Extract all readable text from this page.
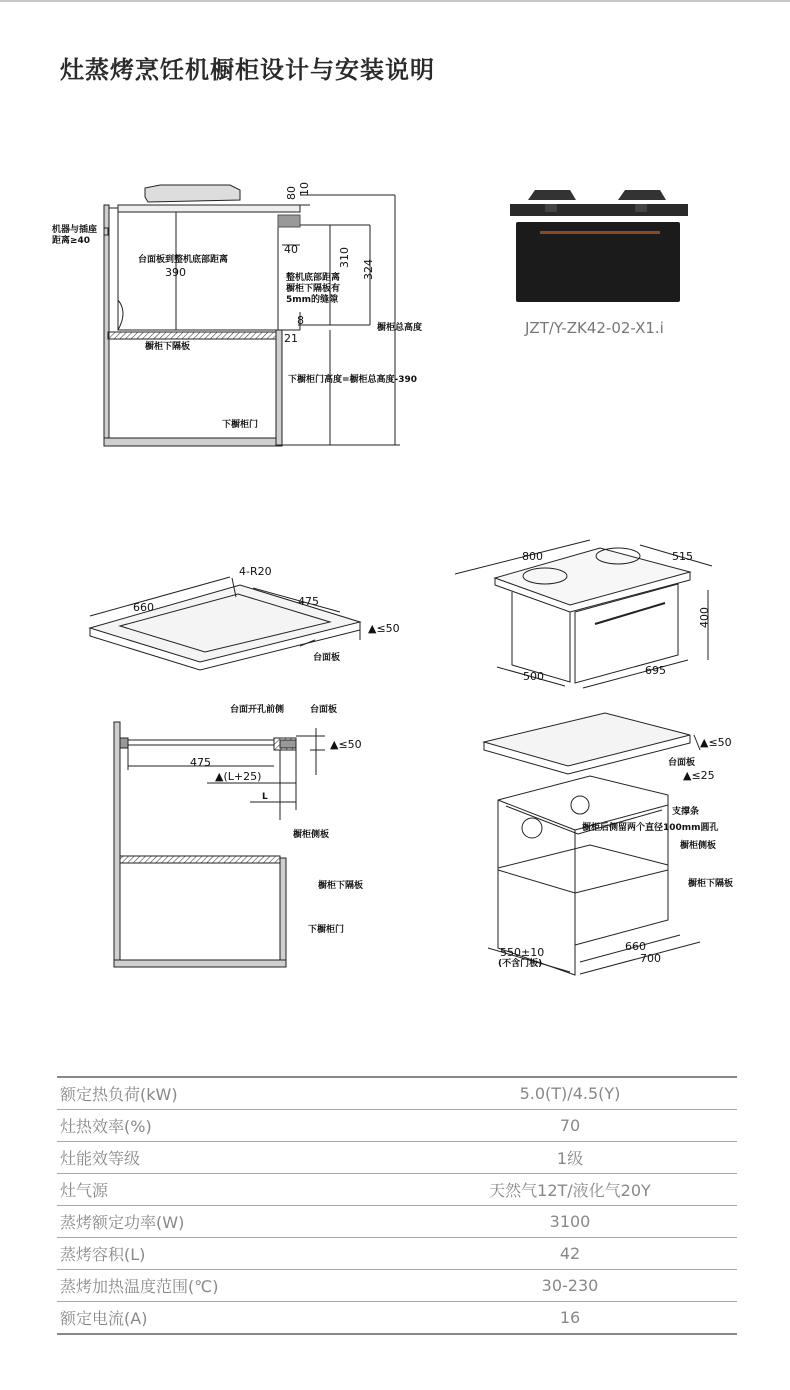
灶蒸烤烹饪机橱柜设计与安装说明
机器与插座
距离≥40
台面板到整机底部距离
390
80 10
40	310
324
整机底部距离
橱柜下隔板有
5mm的缝隙
8
21
橱柜总高度
橱柜下隔板
下橱柜门高度=橱柜总高度-390
下橱柜门
JZT/Y-ZK42-02-X1.i
4-R20
660	475
▲≤50
台面板
800	515
400
500	695
台面开孔前侧	台面板
▲≤50
475
▲(L+25)
L
橱柜侧板
橱柜下隔板
下橱柜门
▲≤50
台面板
▲≤25
支撑条
橱柜后侧留两个直径100mm圆孔
橱柜侧板
橱柜下隔板
550±10
(不含门板)
660
700
额定热负荷(kW)	5.0(T)/4.5(Y)
灶热效率(%)	70
灶能效等级	1级
灶气源	天然气12T/液化气20Y
蒸烤额定功率(W)	3100
蒸烤容积(L)	42
蒸烤加热温度范围(℃)	30-230
额定电流(A)	16
